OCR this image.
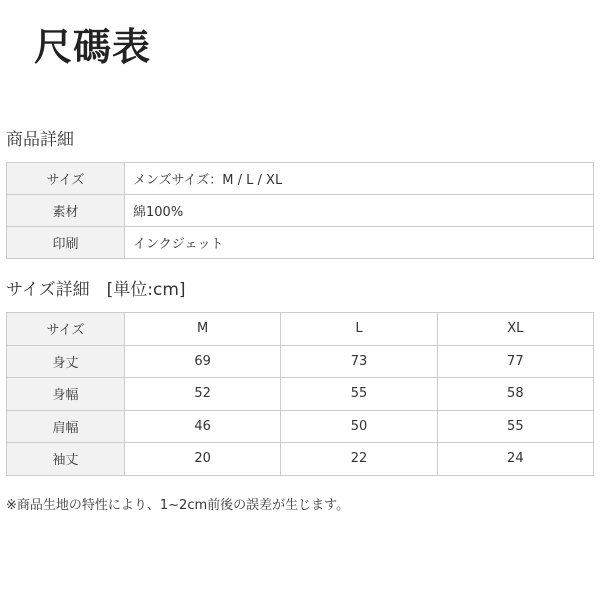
尺碼表
商品詳細
サイズ	メンズサイズ：M / L / XL
素材	綿100%
印刷	インクジェット
サイズ詳細　[単位:cm]
サイズ	M	L	XL
身丈	69	73	77
身幅	52	55	58
肩幅	46	50	55
袖丈	20	22	24
※商品生地の特性により、1~2cm前後の誤差が生じます。
